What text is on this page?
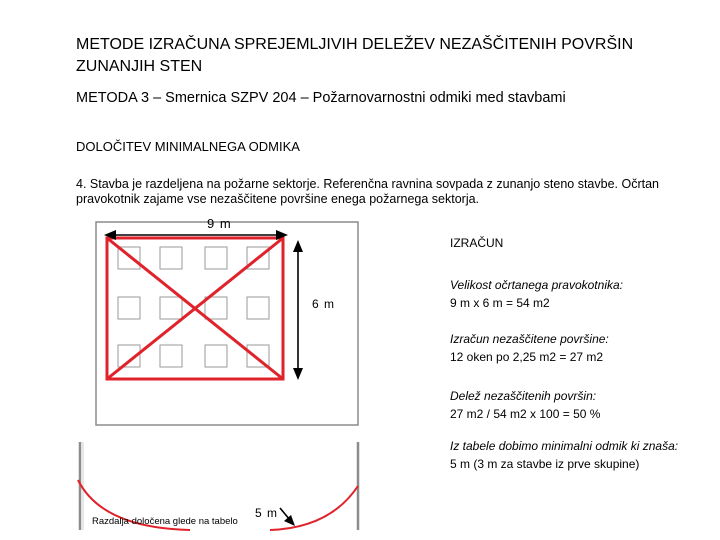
METODE IZRAČUNA SPREJEMLJIVIH DELEŽEV NEZAŠČITENIH POVRŠIN ZUNANJIH STEN
METODA 3 – Smernica SZPV 204 – Požarnovarnostni odmiki med stavbami
DOLOČITEV MINIMALNEGA ODMIKA
4. Stavba je razdeljena na požarne sektorje. Referenčna ravnina sovpada z zunanjo steno stavbe. Očrtan pravokotnik zajame vse nezaščitene površine enega požarnega sektorja.
9 m
6 m
5 m
Razdalja določena glede na tabelo
IZRAČUN
Velikost očrtanega pravokotnika:
9 m x 6 m = 54 m2
Izračun nezaščitene površine:
12 oken po 2,25 m2 = 27 m2
Delež nezaščitenih površin:
27 m2 / 54 m2 x 100 = 50 %
Iz tabele dobimo minimalni odmik ki znaša:
5 m (3 m za stavbe iz prve skupine)
